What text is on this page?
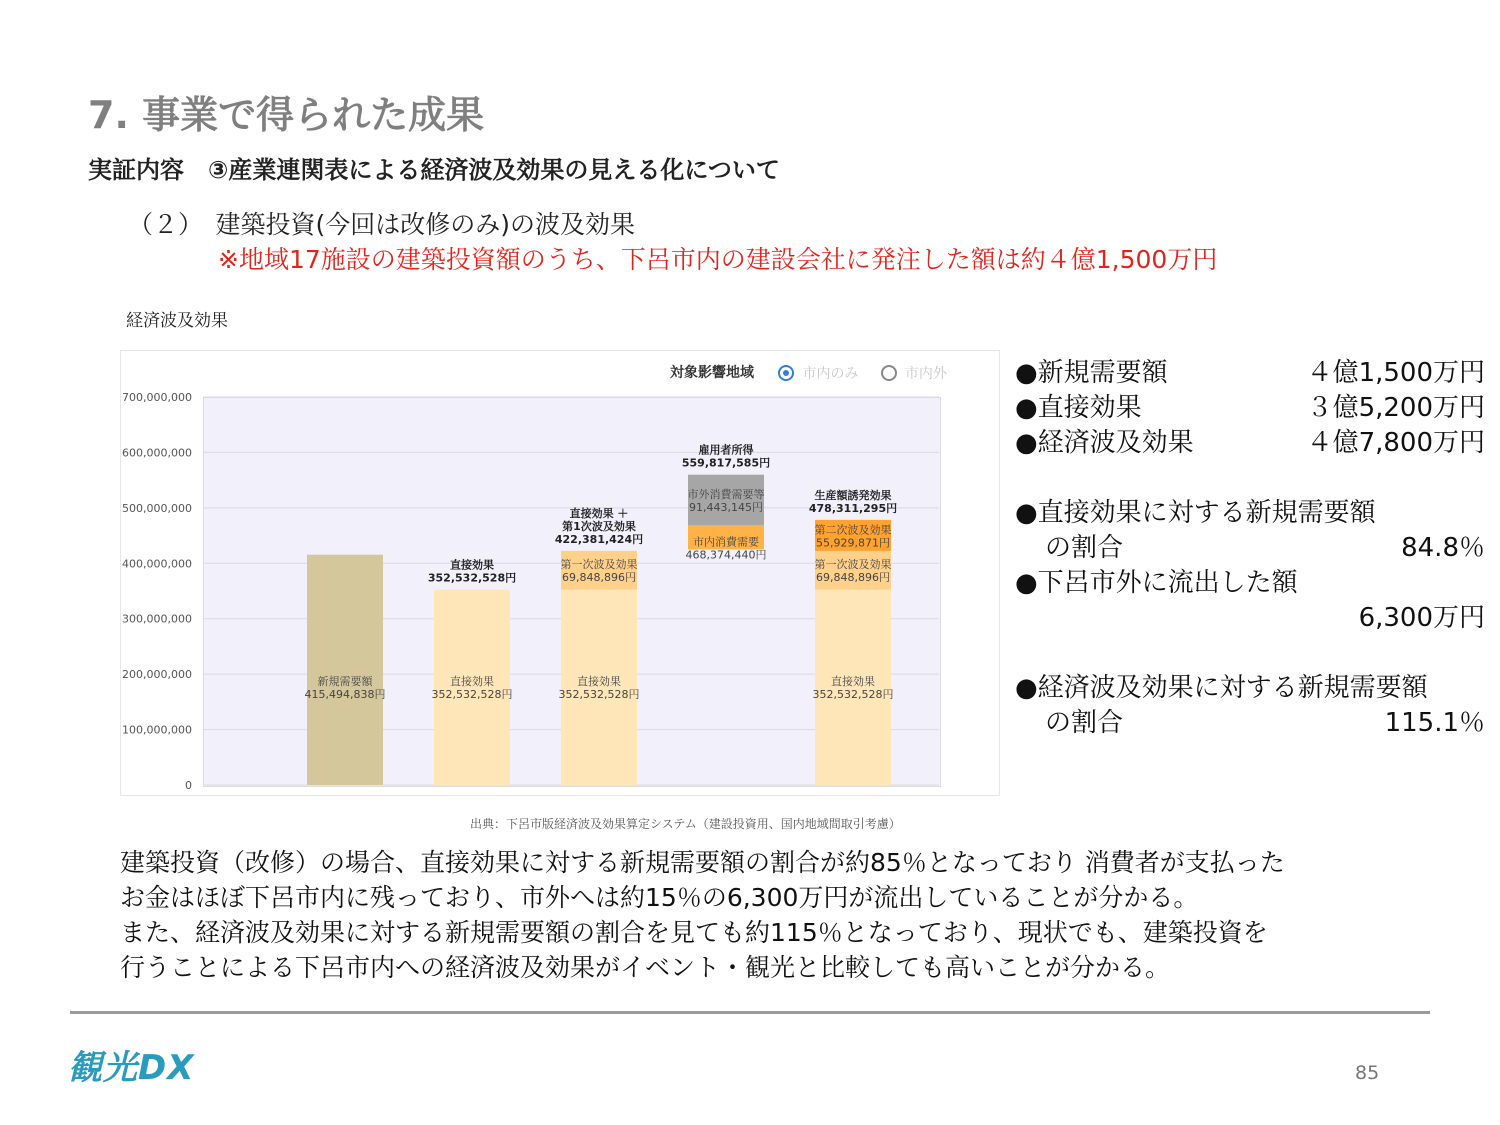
7. 事業で得られた成果
実証内容　③産業連関表による経済波及効果の見える化について
（２）　建築投資(今回は改修のみ)の波及効果
※地域17施設の建築投資額のうち、下呂市内の建設会社に発注した額は約４億1,500万円
経済波及効果
対象影響地域	市内のみ	市内外
700,000,000
600,000,000
500,000,000
400,000,000
300,000,000
200,000,000
100,000,000
0
新規需要額
415,494,838円
直接効果
352,532,528円
直接効果
352,532,528円
直接効果
352,532,528円
第一次波及効果
69,848,896円
直接効果 ＋
第1次波及効果
422,381,424円	市内消費需要
468,374,440円
市外消費需要等
91,443,145円
雇用者所得
559,817,585円
直接効果
352,532,528円
第一次波及効果
69,848,896円
第二次波及効果
55,929,871円
生産額誘発効果
478,311,295円
出典：下呂市版経済波及効果算定システム（建設投資用、国内地域間取引考慮）
●新規需要額	４億1,500万円
●直接効果	３億5,200万円
●経済波及効果	４億7,800万円
●直接効果に対する新規需要額
の割合	84.8％
●下呂市外に流出した額
6,300万円
●経済波及効果に対する新規需要額
の割合	115.1％
建築投資（改修）の場合、直接効果に対する新規需要額の割合が約85％となっており 消費者が支払った
お金はほぼ下呂市内に残っており、市外へは約15％の6,300万円が流出していることが分かる。
また、経済波及効果に対する新規需要額の割合を見ても約115％となっており、現状でも、建築投資を
行うことによる下呂市内への経済波及効果がイベント・観光と比較しても高いことが分かる。
観光DX	85
